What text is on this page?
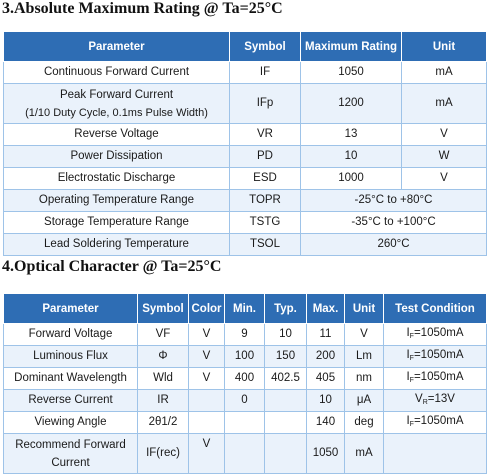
3.Absolute Maximum Rating @ Ta=25°C
Parameter	Symbol	Maximum Rating	Unit
Continuous Forward Current	IF	1050	mA

Peak Forward Current
(1/10 Duty Cycle, 0.1ms Pulse Width)	IFp	1200	mA
Reverse Voltage	VR	13	V
Power Dissipation	PD	10	W
Electrostatic Discharge	ESD	1000	V
Operating Temperature Range	TOPR	-25°C to +80°C	
Storage Temperature Range	TSTG	-35°C to +100°C	
Lead Soldering Temperature	TSOL	260°C	
4.Optical Character @ Ta=25°C
Parameter	Symbol	Color	Min.	Typ.	Max.	Unit	Test Condition
Forward Voltage	VF	V	9	10	11	V	$I_F=1050mA$
Luminous Flux	Φ	V	100	150	200	Lm	$I_F=1050mA$
Dominant Wavelength	Wld	V	400	402.5	405	nm	$I_F=1050mA$
Reverse Current	IR		0		10	μA	$V_R=13V$
Viewing Angle	2θ1/2				140	deg	$I_F=1050mA$

Recommend Forward
Current	IF(rec)	V			1050	mA	
